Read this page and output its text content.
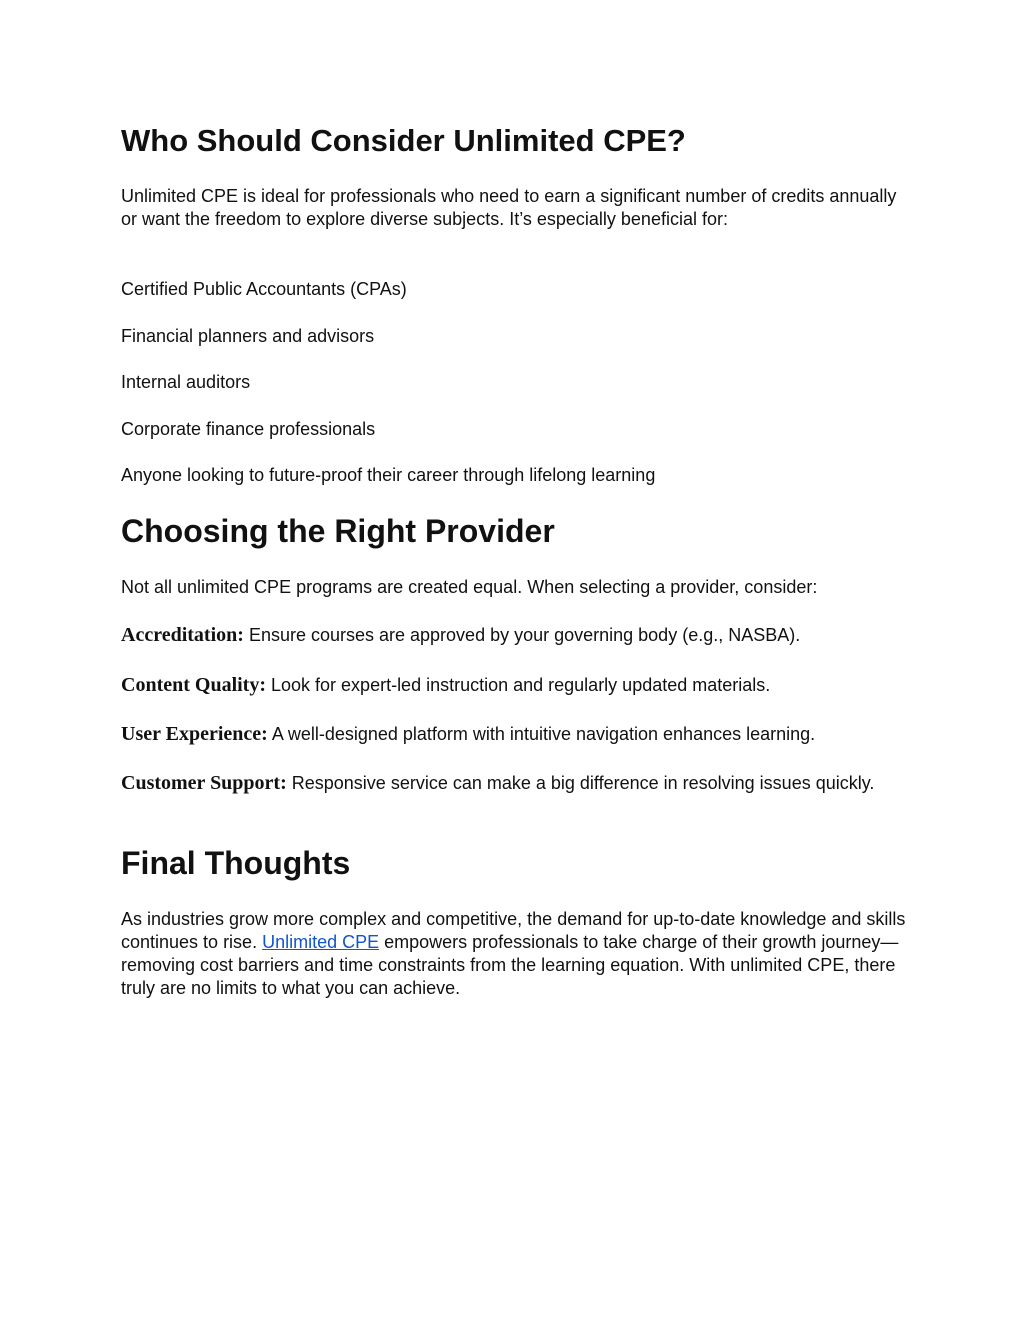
Who Should Consider Unlimited CPE?

Unlimited CPE is ideal for professionals who need to earn a significant number of credits annually or want the freedom to explore diverse subjects. It’s especially beneficial for:

Certified Public Accountants (CPAs)

Financial planners and advisors

Internal auditors

Corporate finance professionals

Anyone looking to future-proof their career through lifelong learning

Choosing the Right Provider

Not all unlimited CPE programs are created equal. When selecting a provider, consider:

Accreditation: Ensure courses are approved by your governing body (e.g., NASBA).

Content Quality: Look for expert-led instruction and regularly updated materials.

User Experience: A well-designed platform with intuitive navigation enhances learning.

Customer Support: Responsive service can make a big difference in resolving issues quickly.

Final Thoughts

As industries grow more complex and competitive, the demand for up-to-date knowledge and skills continues to rise. Unlimited CPE empowers professionals to take charge of their growth journey—removing cost barriers and time constraints from the learning equation. With unlimited CPE, there truly are no limits to what you can achieve.
